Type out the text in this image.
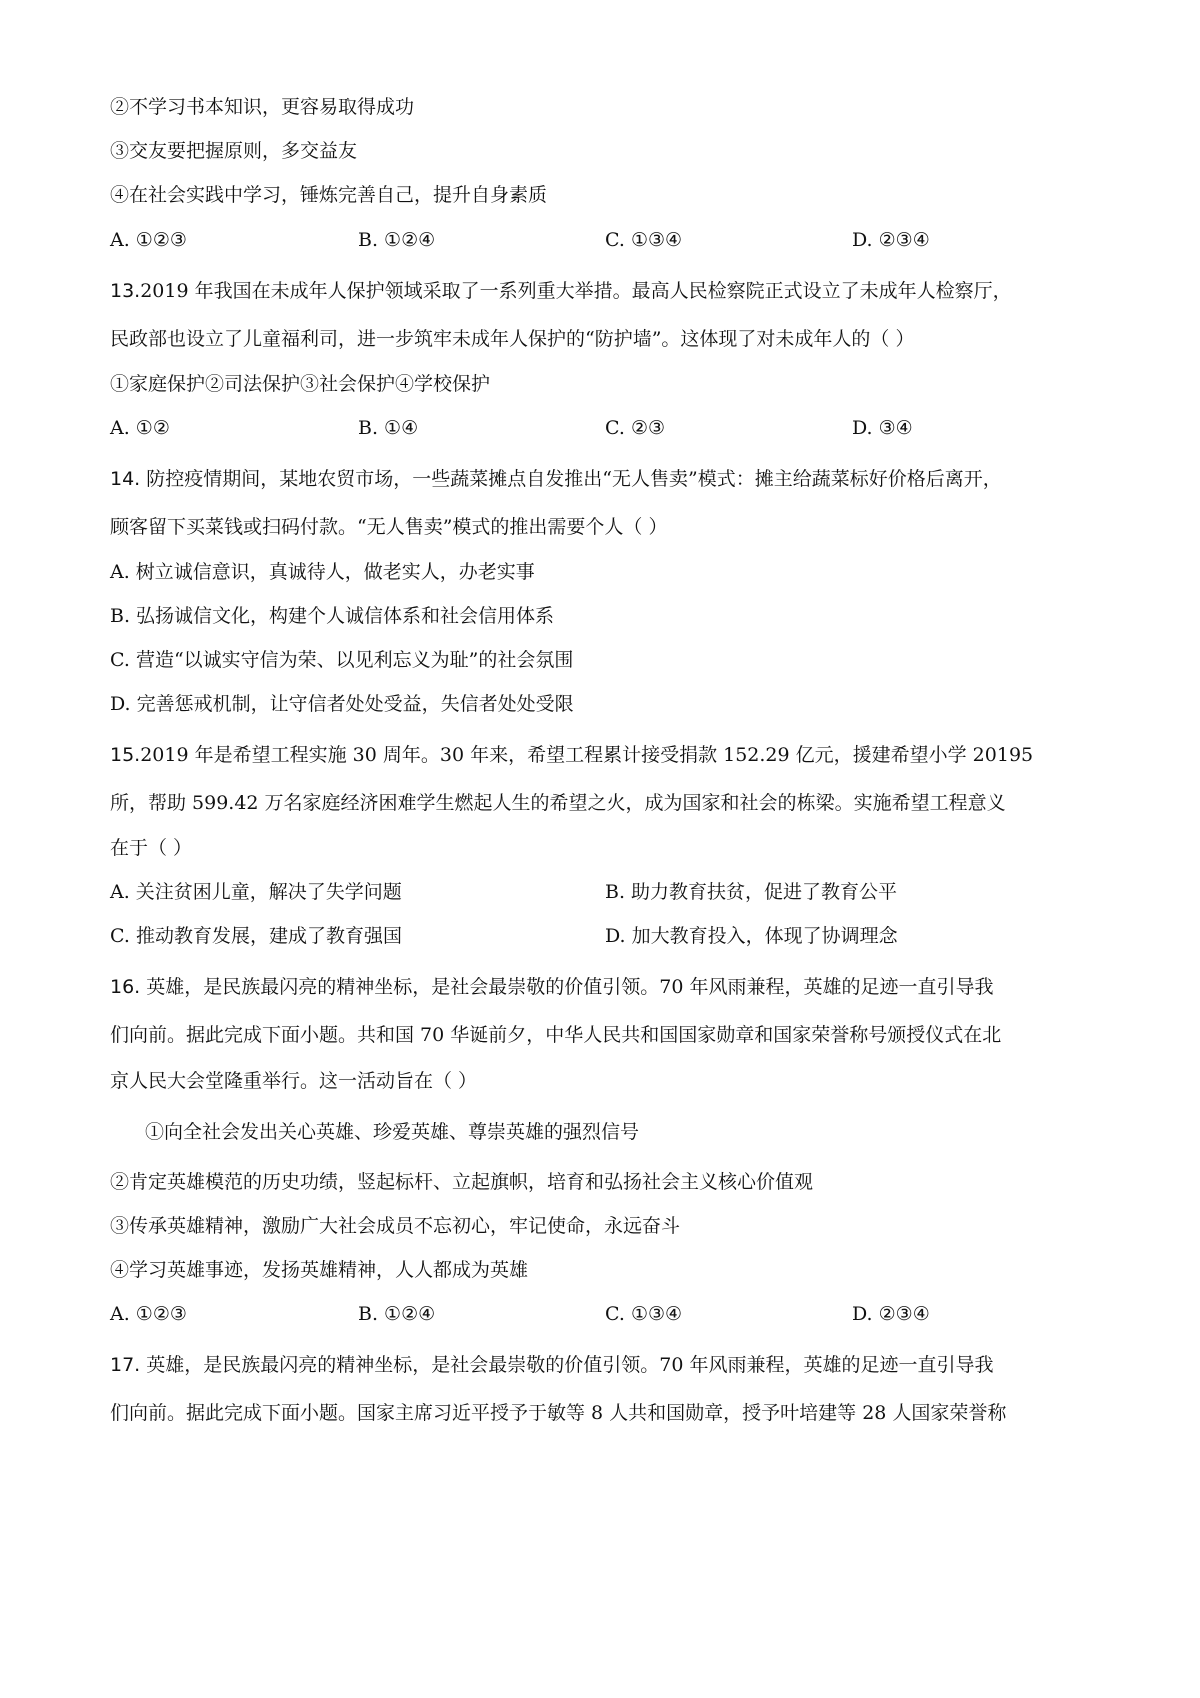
②不学习书本知识，更容易取得成功
③交友要把握原则，多交益友
④在社会实践中学习，锤炼完善自己，提升自身素质
A. ①②③	B. ①②④	C. ①③④	D. ②③④
13.2019 年我国在未成年人保护领域采取了一系列重大举措。最高人民检察院正式设立了未成年人检察厅，
民政部也设立了儿童福利司，进一步筑牢未成年人保护的“防护墙”。这体现了对未成年人的（ ）
①家庭保护②司法保护③社会保护④学校保护
A. ①②	B. ①④	C. ②③	D. ③④
14. 防控疫情期间，某地农贸市场，一些蔬菜摊点自发推出“无人售卖”模式：摊主给蔬菜标好价格后离开，
顾客留下买菜钱或扫码付款。“无人售卖”模式的推出需要个人（ ）
A. 树立诚信意识，真诚待人，做老实人，办老实事
B. 弘扬诚信文化，构建个人诚信体系和社会信用体系
C. 营造“以诚实守信为荣、以见利忘义为耻”的社会氛围
D. 完善惩戒机制，让守信者处处受益，失信者处处受限
15.2019 年是希望工程实施 30 周年。30 年来，希望工程累计接受捐款 152.29 亿元，援建希望小学 20195
所，帮助 599.42 万名家庭经济困难学生燃起人生的希望之火，成为国家和社会的栋梁。实施希望工程意义
在于（ ）
A. 关注贫困儿童，解决了失学问题	B. 助力教育扶贫，促进了教育公平
C. 推动教育发展，建成了教育强国	D. 加大教育投入，体现了协调理念
16. 英雄，是民族最闪亮的精神坐标，是社会最崇敬的价值引领。70 年风雨兼程，英雄的足迹一直引导我
们向前。据此完成下面小题。共和国 70 华诞前夕，中华人民共和国国家勋章和国家荣誉称号颁授仪式在北
京人民大会堂隆重举行。这一活动旨在（ ）
①向全社会发出关心英雄、珍爱英雄、尊崇英雄的强烈信号
②肯定英雄模范的历史功绩，竖起标杆、立起旗帜，培育和弘扬社会主义核心价值观
③传承英雄精神，激励广大社会成员不忘初心，牢记使命，永远奋斗
④学习英雄事迹，发扬英雄精神，人人都成为英雄
A. ①②③	B. ①②④	C. ①③④	D. ②③④
17. 英雄，是民族最闪亮的精神坐标，是社会最崇敬的价值引领。70 年风雨兼程，英雄的足迹一直引导我
们向前。据此完成下面小题。国家主席习近平授予于敏等 8 人共和国勋章，授予叶培建等 28 人国家荣誉称
